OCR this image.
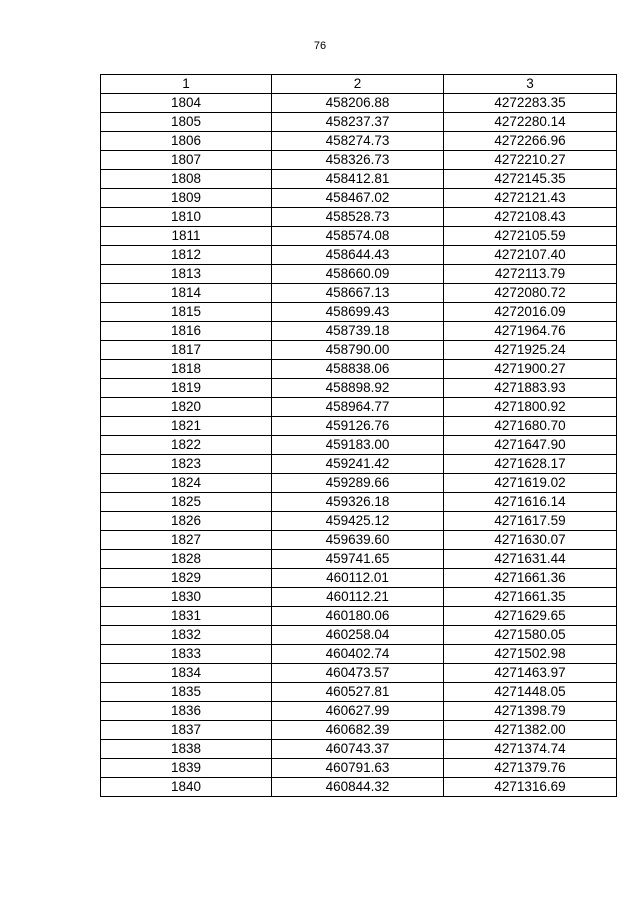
76
1	2	3
1804	458206.88	4272283.35
1805	458237.37	4272280.14
1806	458274.73	4272266.96
1807	458326.73	4272210.27
1808	458412.81	4272145.35
1809	458467.02	4272121.43
1810	458528.73	4272108.43
1811	458574.08	4272105.59
1812	458644.43	4272107.40
1813	458660.09	4272113.79
1814	458667.13	4272080.72
1815	458699.43	4272016.09
1816	458739.18	4271964.76
1817	458790.00	4271925.24
1818	458838.06	4271900.27
1819	458898.92	4271883.93
1820	458964.77	4271800.92
1821	459126.76	4271680.70
1822	459183.00	4271647.90
1823	459241.42	4271628.17
1824	459289.66	4271619.02
1825	459326.18	4271616.14
1826	459425.12	4271617.59
1827	459639.60	4271630.07
1828	459741.65	4271631.44
1829	460112.01	4271661.36
1830	460112.21	4271661.35
1831	460180.06	4271629.65
1832	460258.04	4271580.05
1833	460402.74	4271502.98
1834	460473.57	4271463.97
1835	460527.81	4271448.05
1836	460627.99	4271398.79
1837	460682.39	4271382.00
1838	460743.37	4271374.74
1839	460791.63	4271379.76
1840	460844.32	4271316.69
